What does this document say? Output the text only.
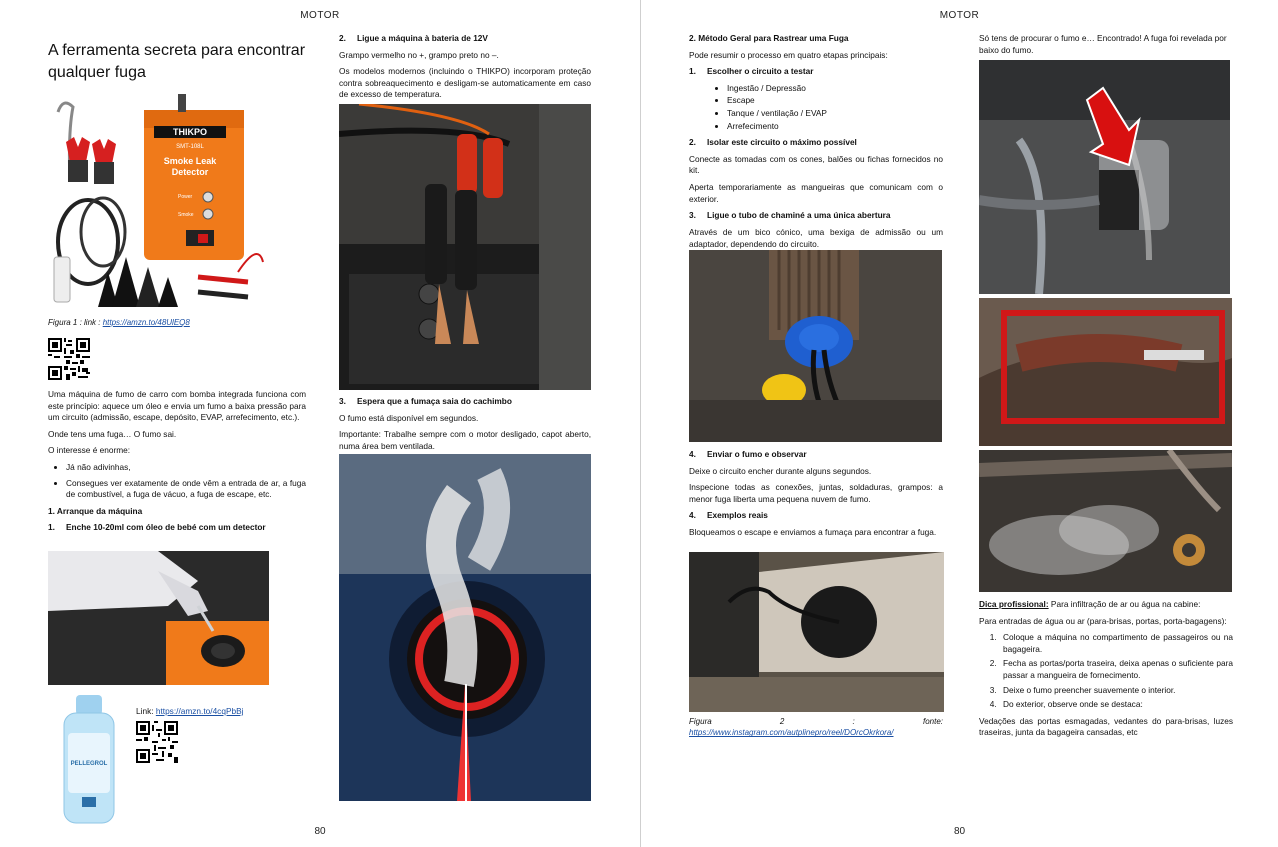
MOTOR
A ferramenta secreta para encontrar qualquer fuga
THIKPO
SMT-108L
Smoke Leak
Detector
Power
Smoke

Figura 1 : link : https://amzn.to/48UlEQ8

Uma máquina de fumo de carro com bomba integrada funciona com este princípio: aquece um óleo e envia um fumo a baixa pressão para um circuito (admissão, escape, depósito, EVAP, arrefecimento, etc.).

Onde tens uma fuga… O fumo sai.

O interesse é enorme:

• Já não adivinhas,
• Consegues ver exatamente de onde vêm a entrada de ar, a fuga de combustível, a fuga de vácuo, a fuga de escape, etc.

1. Arranque da máquina

1. Enche 10-20ml com óleo de bebé com um detector

PELLEGROL

Link: https://amzn.to/4cqPbBj

2. Ligue a máquina à bateria de 12V

Grampo vermelho no +, grampo preto no –.

Os modelos modernos (incluindo o THIKPO) incorporam proteção contra sobreaquecimento e desligam-se automaticamente em caso de excesso de temperatura.

3. Espera que a fumaça saia do cachimbo

O fumo está disponível em segundos.

Importante: Trabalhe sempre com o motor desligado, capot aberto, numa área bem ventilada.

80
MOTOR

2. Método Geral para Rastrear uma Fuga

Pode resumir o processo em quatro etapas principais:

1. Escolher o circuito a testar

• Ingestão / Depressão
• Escape
• Tanque / ventilação / EVAP
• Arrefecimento

2. Isolar este circuito o máximo possível

Conecte as tomadas com os cones, balões ou fichas fornecidos no kit.

Aperta temporariamente as mangueiras que comunicam com o exterior.

3. Ligue o tubo de chaminé a uma única abertura

Através de um bico cónico, uma bexiga de admissão ou um adaptador, dependendo do circuito.

4. Enviar o fumo e observar

Deixe o circuito encher durante alguns segundos.

Inspecione todas as conexões, juntas, soldaduras, grampos: a menor fuga liberta uma pequena nuvem de fumo.

4. Exemplos reais

Bloqueamos o escape e enviamos a fumaça para encontrar a fuga.

Figura 2 : fonte:

https://www.instagram.com/autplinepro/reel/DOrcOkrkora/

Só tens de procurar o fumo e… Encontrado! A fuga foi revelada por baixo do fumo.

Dica profissional: Para infiltração de ar ou água na cabine:

Para entradas de água ou ar (para-brisas, portas, porta-bagagens):

1. Coloque a máquina no compartimento de passageiros ou na bagageira.
2. Fecha as portas/porta traseira, deixa apenas o suficiente para passar a mangueira de fornecimento.
3. Deixe o fumo preencher suavemente o interior.
4. Do exterior, observe onde se destaca:

Vedações das portas esmagadas, vedantes do para-brisas, luzes traseiras, junta da bagageira cansadas, etc

80
